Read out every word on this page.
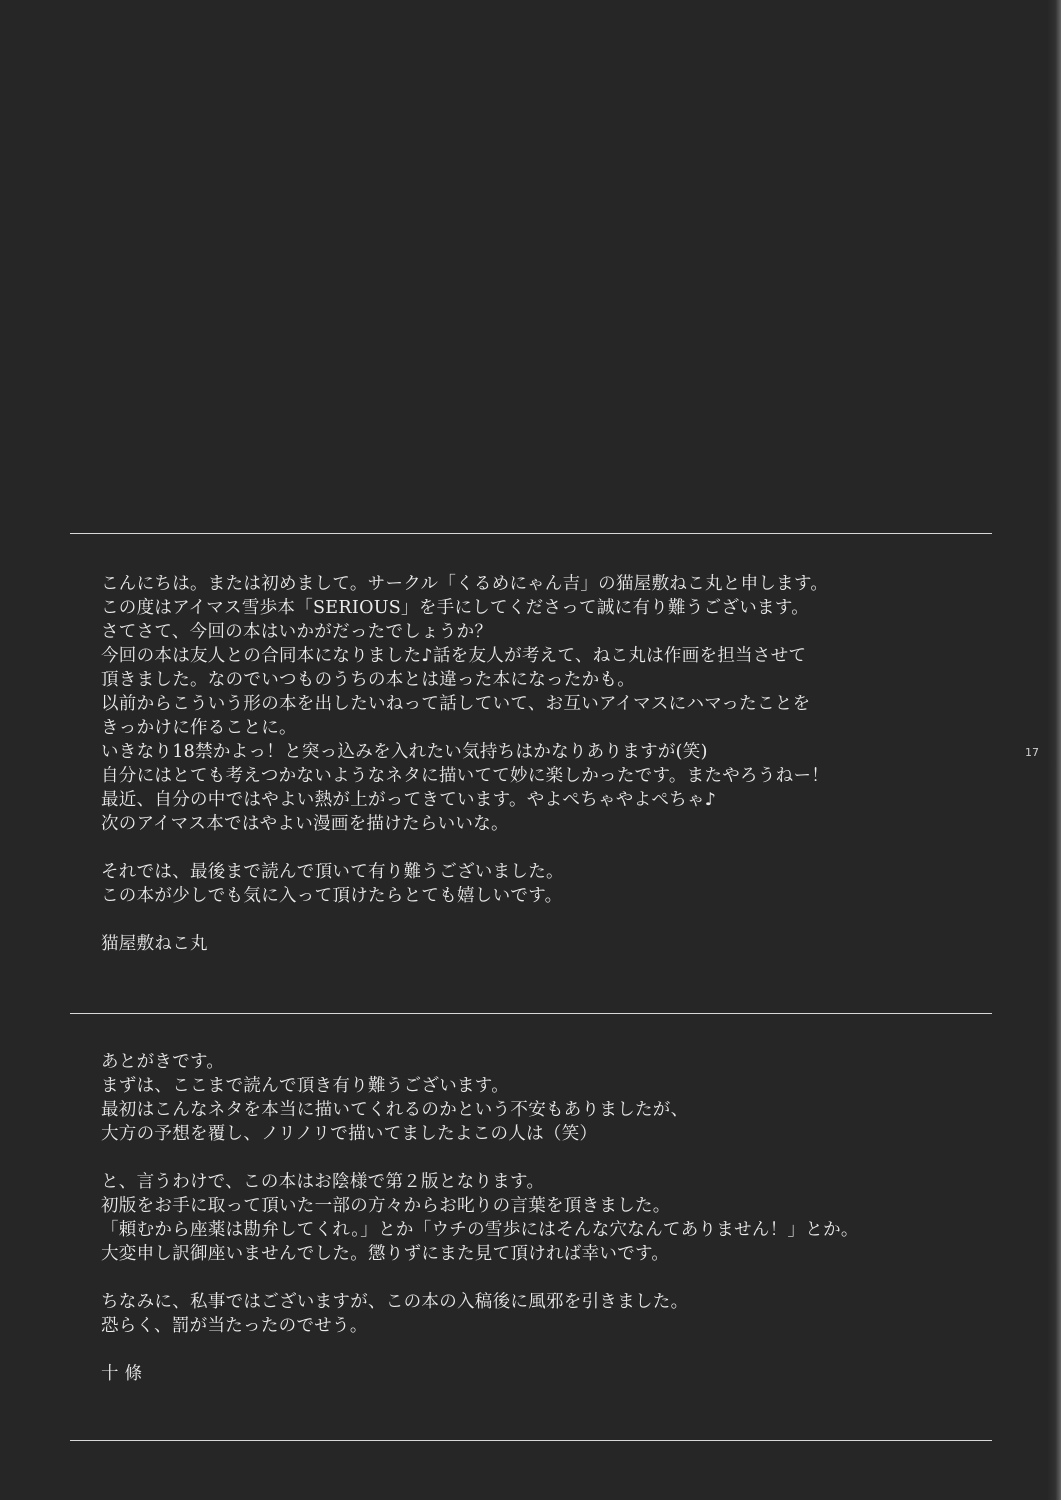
こんにちは。または初めまして。サークル「くるめにゃん吉」の猫屋敷ねこ丸と申します。
この度はアイマス雪歩本「SERIOUS」を手にしてくださって誠に有り難うございます。
さてさて、今回の本はいかがだったでしょうか？
今回の本は友人との合同本になりました♪話を友人が考えて、ねこ丸は作画を担当させて
頂きました。なのでいつものうちの本とは違った本になったかも。
以前からこういう形の本を出したいねって話していて、お互いアイマスにハマったことを
きっかけに作ることに。
いきなり18禁かよっ！と突っ込みを入れたい気持ちはかなりありますが(笑)
自分にはとても考えつかないようなネタに描いてて妙に楽しかったです。またやろうねー！
最近、自分の中ではやよい熱が上がってきています。やよぺちゃやよぺちゃ♪
次のアイマス本ではやよい漫画を描けたらいいな。
それでは、最後まで読んで頂いて有り難うございました。
この本が少しでも気に入って頂けたらとても嬉しいです。
猫屋敷ねこ丸
あとがきです。
まずは、ここまで読んで頂き有り難うございます。
最初はこんなネタを本当に描いてくれるのかという不安もありましたが、
大方の予想を覆し、ノリノリで描いてましたよこの人は（笑）
と、言うわけで、この本はお陰様で第２版となります。
初版をお手に取って頂いた一部の方々からお叱りの言葉を頂きました。
「頼むから座薬は勘弁してくれ。」とか「ウチの雪歩にはそんな穴なんてありません！」とか。
大変申し訳御座いませんでした。懲りずにまた見て頂ければ幸いです。
ちなみに、私事ではございますが、この本の入稿後に風邪を引きました。
恐らく、罰が当たったのでせう。
十 條
17
